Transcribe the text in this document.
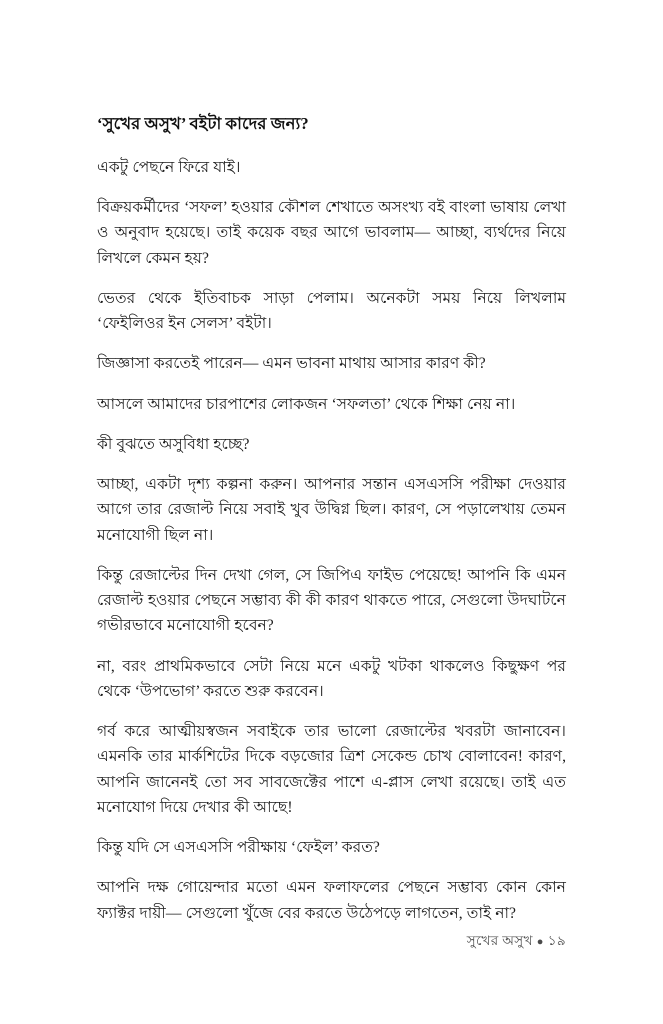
‘সুখের অসুখ’ বইটা কাদের জন্য?

একটু পেছনে ফিরে যাই।

বিক্রয়কর্মীদের ‘সফল’ হওয়ার কৌশল শেখাতে অসংখ্য বই বাংলা ভাষায় লেখা ও অনুবাদ হয়েছে। তাই কয়েক বছর আগে ভাবলাম— আচ্ছা, ব্যর্থদের নিয়ে লিখলে কেমন হয়?

ভেতর থেকে ইতিবাচক সাড়া পেলাম। অনেকটা সময় নিয়ে লিখলাম ‘ফেইলিওর ইন সেলস’ বইটা।

জিজ্ঞাসা করতেই পারেন— এমন ভাবনা মাথায় আসার কারণ কী?

আসলে আমাদের চারপাশের লোকজন ‘সফলতা’ থেকে শিক্ষা নেয় না।

কী বুঝতে অসুবিধা হচ্ছে?

আচ্ছা, একটা দৃশ্য কল্পনা করুন। আপনার সন্তান এসএসসি পরীক্ষা দেওয়ার আগে তার রেজাল্ট নিয়ে সবাই খুব উদ্বিগ্ন ছিল। কারণ, সে পড়ালেখায় তেমন মনোযোগী ছিল না।

কিন্তু রেজাল্টের দিন দেখা গেল, সে জিপিএ ফাইভ পেয়েছে! আপনি কি এমন রেজাল্ট হওয়ার পেছনে সম্ভাব্য কী কী কারণ থাকতে পারে, সেগুলো উদঘাটনে গভীরভাবে মনোযোগী হবেন?

না, বরং প্রাথমিকভাবে সেটা নিয়ে মনে একটু খটকা থাকলেও কিছুক্ষণ পর থেকে ‘উপভোগ’ করতে শুরু করবেন।

গর্ব করে আত্মীয়স্বজন সবাইকে তার ভালো রেজাল্টের খবরটা জানাবেন। এমনকি তার মার্কশিটের দিকে বড়জোর ত্রিশ সেকেন্ড চোখ বোলাবেন! কারণ, আপনি জানেনই তো সব সাবজেক্টের পাশে এ-প্লাস লেখা রয়েছে। তাই এত মনোযোগ দিয়ে দেখার কী আছে!

কিন্তু যদি সে এসএসসি পরীক্ষায় ‘ফেইল’ করত?

আপনি দক্ষ গোয়েন্দার মতো এমন ফলাফলের পেছনে সম্ভাব্য কোন কোন ফ্যাক্টর দায়ী— সেগুলো খুঁজে বের করতে উঠেপড়ে লাগতেন, তাই না?

সুখের অসুখ ● ১৯
